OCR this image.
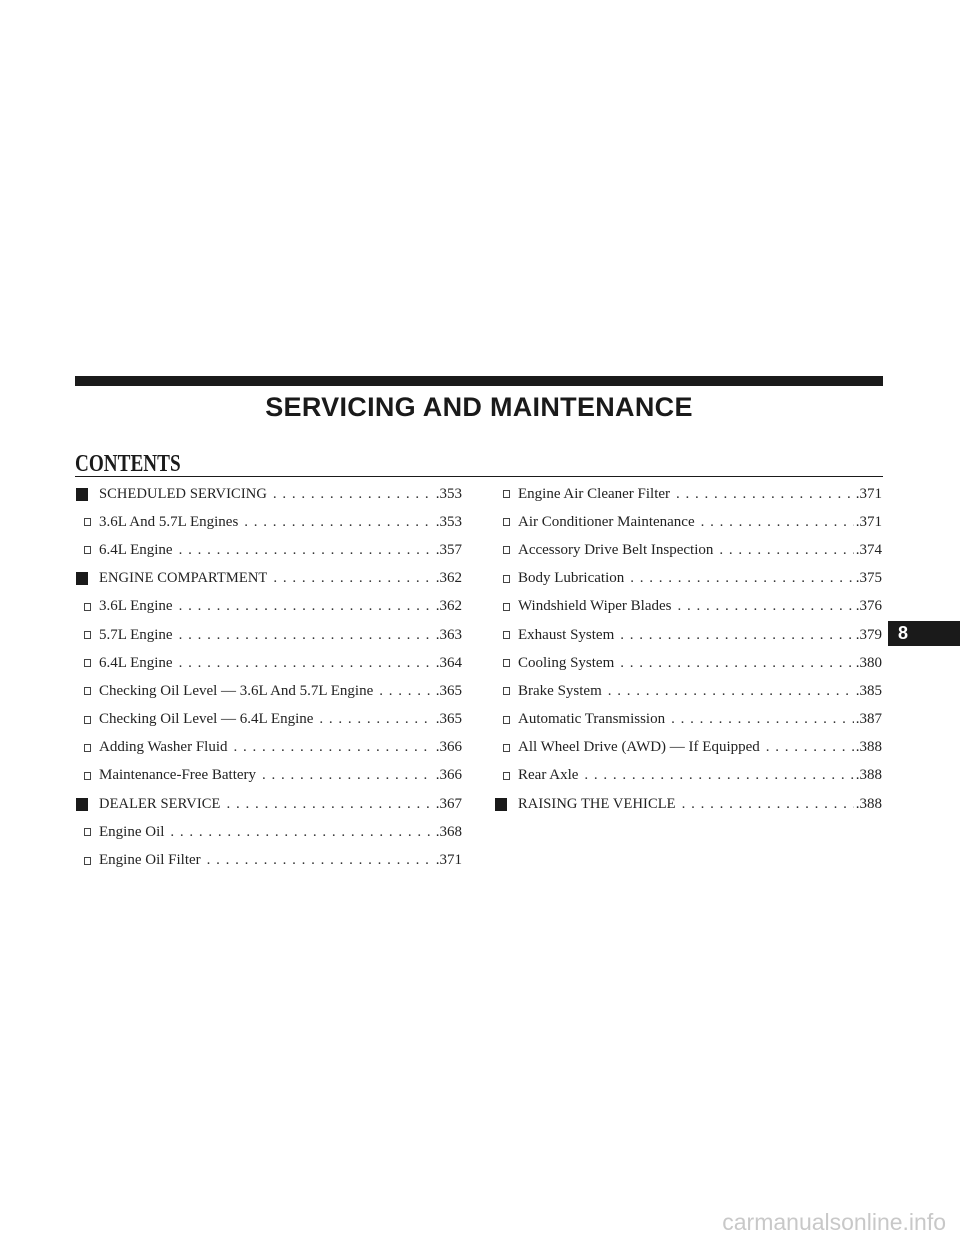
SERVICING AND MAINTENANCE
CONTENTS
SCHEDULED SERVICING . . .	.353
3.6L And 5.7L Engines . . .	.353
6.4L Engine . . .	.357
ENGINE COMPARTMENT . . .	.362
3.6L Engine . . .	.362
5.7L Engine . . .	.363
6.4L Engine . . .	.364
Checking Oil Level — 3.6L And 5.7L Engine . . .	.365
Checking Oil Level — 6.4L Engine . . .	.365
Adding Washer Fluid . . .	.366
Maintenance-Free Battery . . .	.366
DEALER SERVICE . . .	.367
Engine Oil . . .	.368
Engine Oil Filter . . .	.371
Engine Air Cleaner Filter . . .	.371
Air Conditioner Maintenance . . .	.371
Accessory Drive Belt Inspection . . .	.374
Body Lubrication . . .	.375
Windshield Wiper Blades . . .	.376
Exhaust System . . .	.379
Cooling System . . .	.380
Brake System . . .	.385
Automatic Transmission . . .	.387
All Wheel Drive (AWD) — If Equipped . . .	.388
Rear Axle . . .	.388
RAISING THE VEHICLE . . .	.388
8
carmanualsonline.info
